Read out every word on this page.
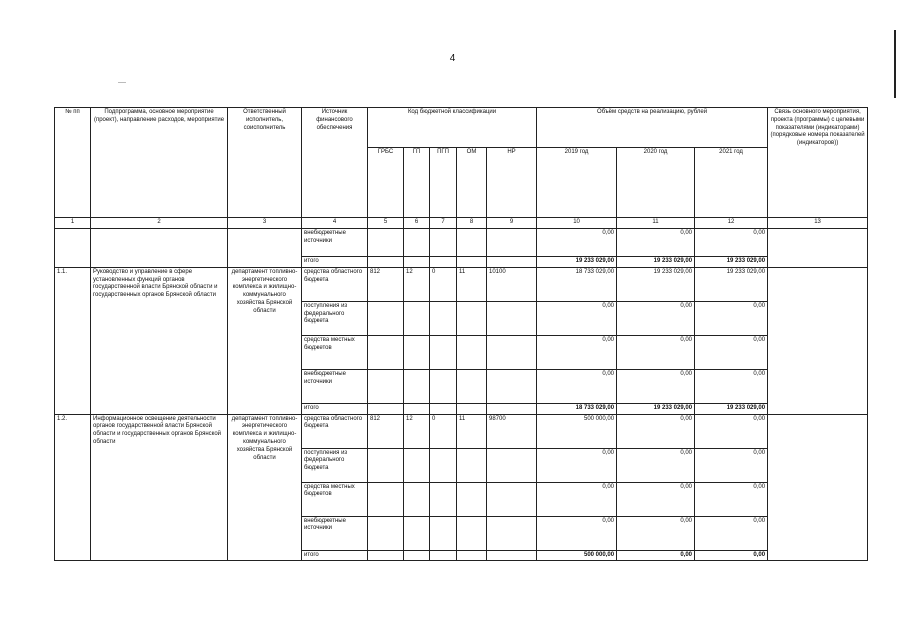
4
№ пп	Подпрограмма, основное мероприятие (проект), направление расходов, мероприятие	Ответственный исполнитель, соисполнитель	Источник финансового обеспечения	Код бюджетной классификации					Объём средств на реализацию, рублей			Связь основного мероприятия, проекта (программы) с целевыми показателями (индикаторами) (порядковые номера показателей (индикаторов))
				ГРБС	ГП	ПГП	ОМ	НР	2019 год	2020 год	2021 год	
1	2	3	4	5	6	7	8	9	10	11	12	13
			внебюджетные источники						0,00	0,00	0,00	
			итого						19 233 029,00	19 233 029,00	19 233 029,00	
1.1.	Руководство и управление в сфере установленных функций органов государственной власти Брянской области и государственных органов Брянской области	департамент топливно-энергетического комплекса и жилищно-коммунального хозяйства Брянской области	средства областного бюджета	812	12	0	11	10100	18 733 029,00	19 233 029,00	19 233 029,00	
			поступления из федерального бюджета						0,00	0,00	0,00	
			средства местных бюджетов						0,00	0,00	0,00	
			внебюджетные источники						0,00	0,00	0,00	
			итого						18 733 029,00	19 233 029,00	19 233 029,00	
1.2.	Информационное освещение деятельности органов государственной власти Брянской области и государственных органов Брянской области	департамент топливно-энергетического комплекса и жилищно-коммунального хозяйства Брянской области	средства областного бюджета	812	12	0	11	98700	500 000,00	0,00	0,00	
			поступления из федерального бюджета						0,00	0,00	0,00	
			средства местных бюджетов						0,00	0,00	0,00	
			внебюджетные источники						0,00	0,00	0,00	
			итого						500 000,00	0,00	0,00	
